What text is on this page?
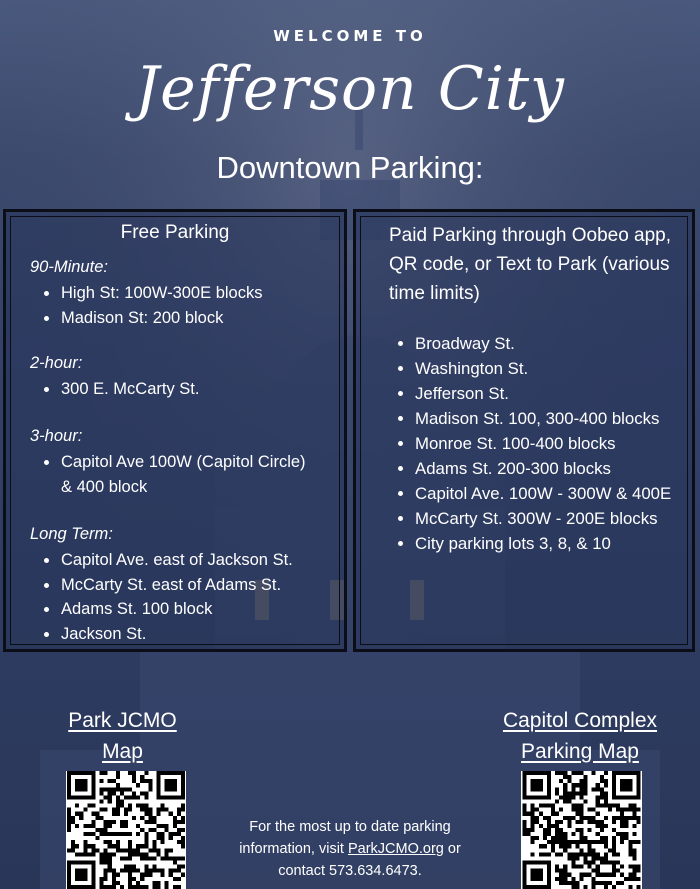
WELCOME TO
Jefferson City
Downtown Parking:
Free Parking
90-Minute:
High St: 100W-300E blocks
Madison St: 200 block
2-hour:
300 E. McCarty St.
3-hour:
Capitol Ave 100W (Capitol Circle) & 400 block
Long Term:
Capitol Ave. east of Jackson St.
McCarty St. east of Adams St.
Adams St. 100 block
Jackson St.
Paid Parking through Oobeo app, QR code, or Text to Park (various time limits)
Broadway St.
Washington St.
Jefferson St.
Madison St. 100, 300-400 blocks
Monroe St. 100-400 blocks
Adams St. 200-300 blocks
Capitol Ave. 100W - 300W & 400E
McCarty St. 300W - 200E blocks
City parking lots 3, 8, & 10
Park JCMO
Map
Capitol Complex
Parking Map
For the most up to date parking
information, visit ParkJCMO.org or
contact 573.634.6473.
